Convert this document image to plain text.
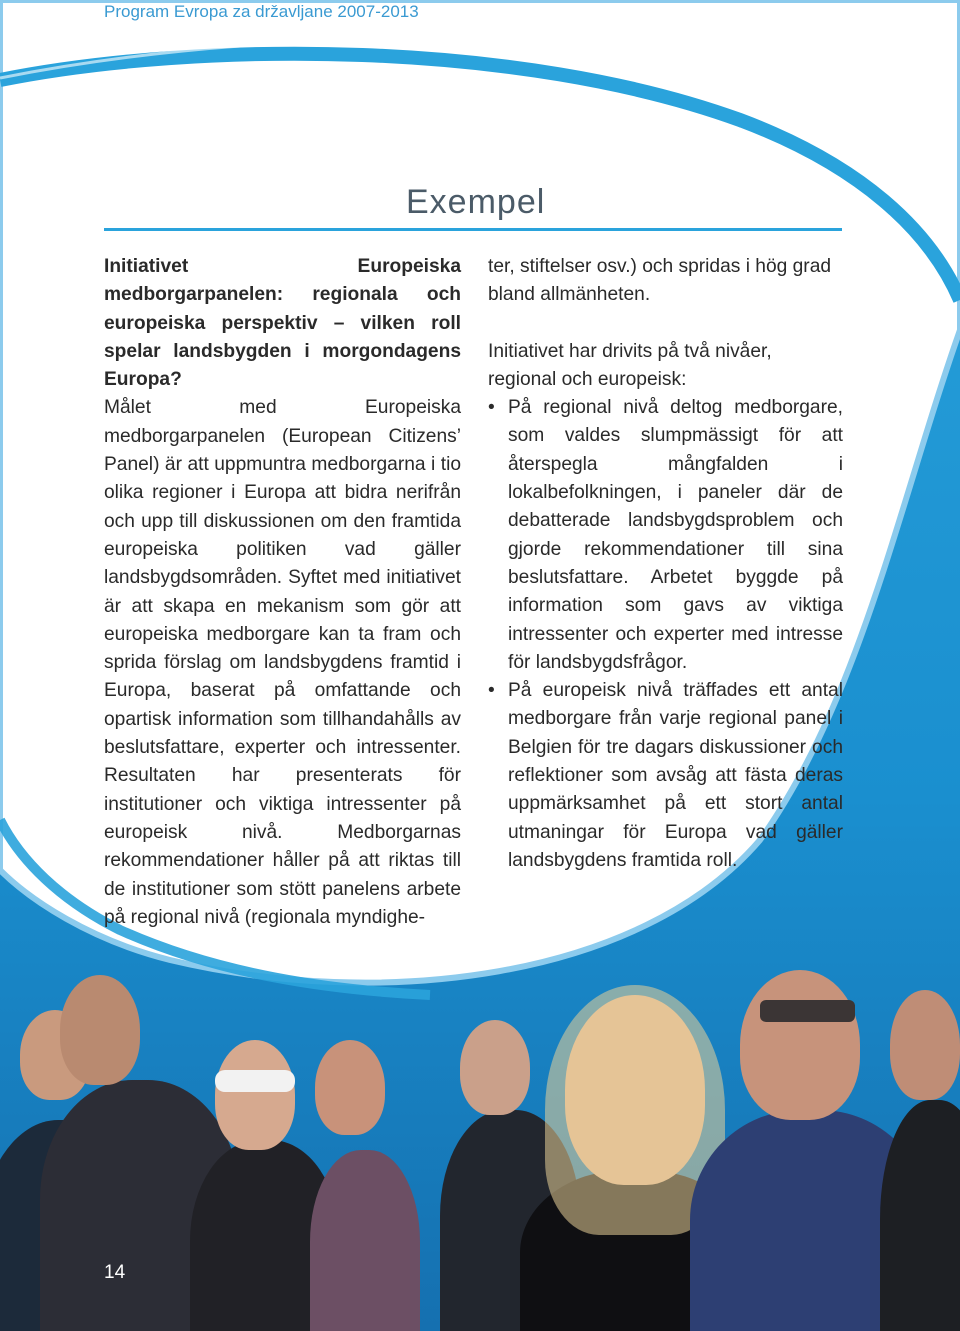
Program Evropa za državljane 2007-2013
Exempel
Initiativet Europeiska medborgarpanelen: regionala och europeiska perspektiv – vilken roll spelar landsbygden i morgondagens Europa?
Målet med Europeiska medborgarpanelen (European Citizens’ Panel) är att uppmuntra medborgarna i tio olika regioner i Europa att bidra nerifrån och upp till diskussionen om den framtida europeiska politiken vad gäller landsbygdsområden. Syftet med initiativet är att skapa en mekanism som gör att europeiska medborgare kan ta fram och sprida förslag om landsbygdens framtid i Europa, baserat på omfattande och opartisk information som tillhandahålls av beslutsfattare, experter och intressenter. Resultaten har presenterats för institutioner och viktiga intressenter på europeisk nivå. Medborgarnas rekommendationer håller på att riktas till de institutioner som stött panelens arbete på regional nivå (regionala myndighe-

ter, stiftelser osv.) och spridas i hög grad bland allmänheten.

Initiativet har drivits på två nivåer, regional och europeisk:

• På regional nivå deltog medborgare, som valdes slumpmässigt för att återspegla mångfalden i lokalbefolkningen, i paneler där de debatterade landsbygdsproblem och gjorde rekommendationer till sina beslutsfattare. Arbetet byggde på information som gavs av viktiga intressenter och experter med intresse för landsbygdsfrågor.
• På europeisk nivå träffades ett antal medborgare från varje regional panel i Belgien för tre dagars diskussioner och reflektioner som avsåg att fästa deras uppmärksamhet på ett stort antal utmaningar för Europa vad gäller landsbygdens framtida roll.
14
